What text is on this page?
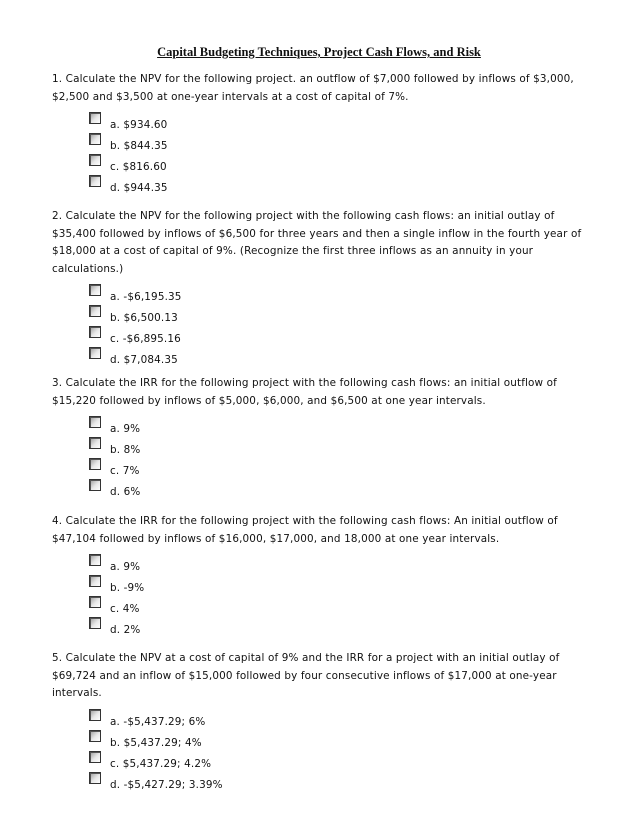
Capital Budgeting Techniques, Project Cash Flows, and Risk

1. Calculate the NPV for the following project. an outflow of $7,000 followed by inflows of $3,000, $2,500 and $3,500 at one-year intervals at a cost of capital of 7%.

a. $934.60
b. $844.35
c. $816.60
d. $944.35

2. Calculate the NPV for the following project with the following cash flows: an initial outlay of $35,400 followed by inflows of $6,500 for three years and then a single inflow in the fourth year of $18,000 at a cost of capital of 9%. (Recognize the first three inflows as an annuity in your calculations.)

a. -$6,195.35
b. $6,500.13
c. -$6,895.16
d. $7,084.35

3. Calculate the IRR for the following project with the following cash flows: an initial outflow of $15,220 followed by inflows of $5,000, $6,000, and $6,500 at one year intervals.

a. 9%
b. 8%
c. 7%
d. 6%

4. Calculate the IRR for the following project with the following cash flows: An initial outflow of $47,104 followed by inflows of $16,000, $17,000, and 18,000 at one year intervals.

a. 9%
b. -9%
c. 4%
d. 2%

5. Calculate the NPV at a cost of capital of 9% and the IRR for a project with an initial outlay of $69,724 and an inflow of $15,000 followed by four consecutive inflows of $17,000 at one-year intervals.

a. -$5,437.29; 6%
b. $5,437.29; 4%
c. $5,437.29; 4.2%
d. -$5,427.29; 3.39%
